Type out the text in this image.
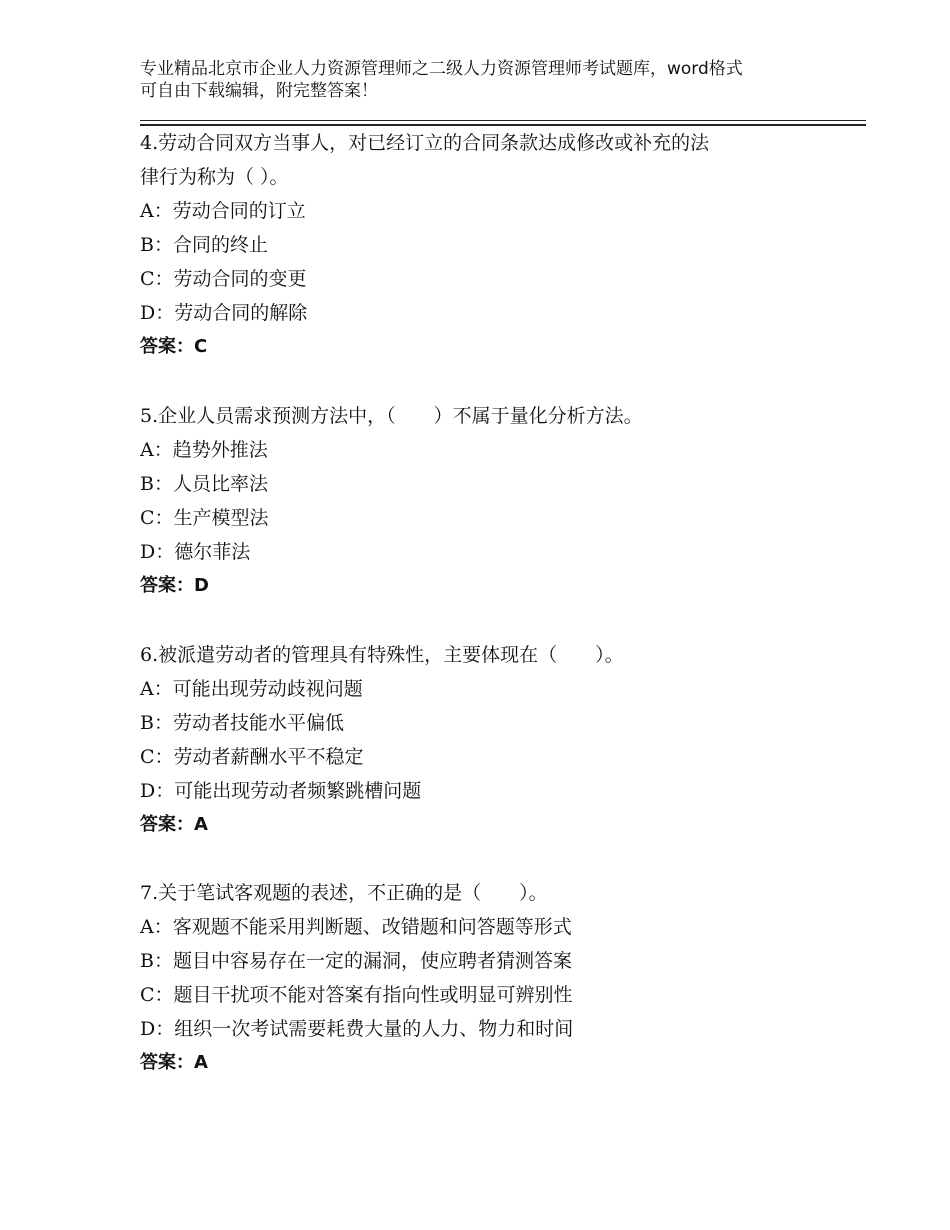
专业精品北京市企业人力资源管理师之二级人力资源管理师考试题库，word格式
可自由下载编辑，附完整答案！
4.劳动合同双方当事人，对已经订立的合同条款达成修改或补充的法
律行为称为（ ）。
A：劳动合同的订立
B：合同的终止
C：劳动合同的变更
D：劳动合同的解除
答案：C
5.企业人员需求预测方法中，（　　）不属于量化分析方法。
A：趋势外推法
B：人员比率法
C：生产模型法
D：德尔菲法
答案：D
6.被派遣劳动者的管理具有特殊性，主要体现在（　　）。
A：可能出现劳动歧视问题
B：劳动者技能水平偏低
C：劳动者薪酬水平不稳定
D：可能出现劳动者频繁跳槽问题
答案：A
7.关于笔试客观题的表述，不正确的是（　　）。
A：客观题不能采用判断题、改错题和问答题等形式
B：题目中容易存在一定的漏洞，使应聘者猜测答案
C：题目干扰项不能对答案有指向性或明显可辨别性
D：组织一次考试需要耗费大量的人力、物力和时间
答案：A
